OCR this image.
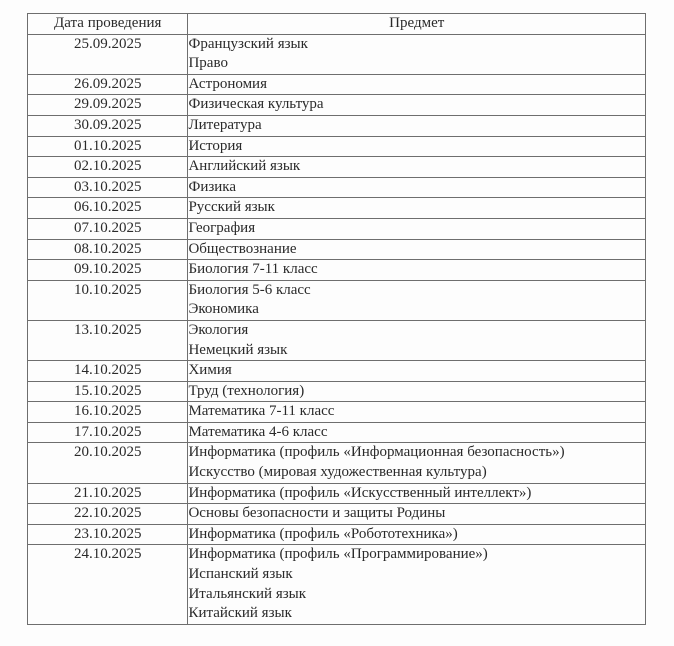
Дата проведения	Предмет
25.09.2025	Французский язык
Право

26.09.2025	Астрономия

29.09.2025	Физическая культура

30.09.2025	Литература

01.10.2025	История

02.10.2025	Английский язык

03.10.2025	Физика

06.10.2025	Русский язык

07.10.2025	География

08.10.2025	Обществознание

09.10.2025	Биология 7-11 класс

10.10.2025	Биология 5-6 класс
Экономика

13.10.2025	Экология
Немецкий язык

14.10.2025	Химия

15.10.2025	Труд (технология)

16.10.2025	Математика 7-11 класс

17.10.2025	Математика 4-6 класс

20.10.2025	Информатика (профиль «Информационная безопасность»)
Искусство (мировая художественная культура)

21.10.2025	Информатика (профиль «Искусственный интеллект»)

22.10.2025	Основы безопасности и защиты Родины

23.10.2025	Информатика (профиль «Робототехника»)

24.10.2025	Информатика (профиль «Программирование»)
Испанский язык
Итальянский язык
Китайский язык
